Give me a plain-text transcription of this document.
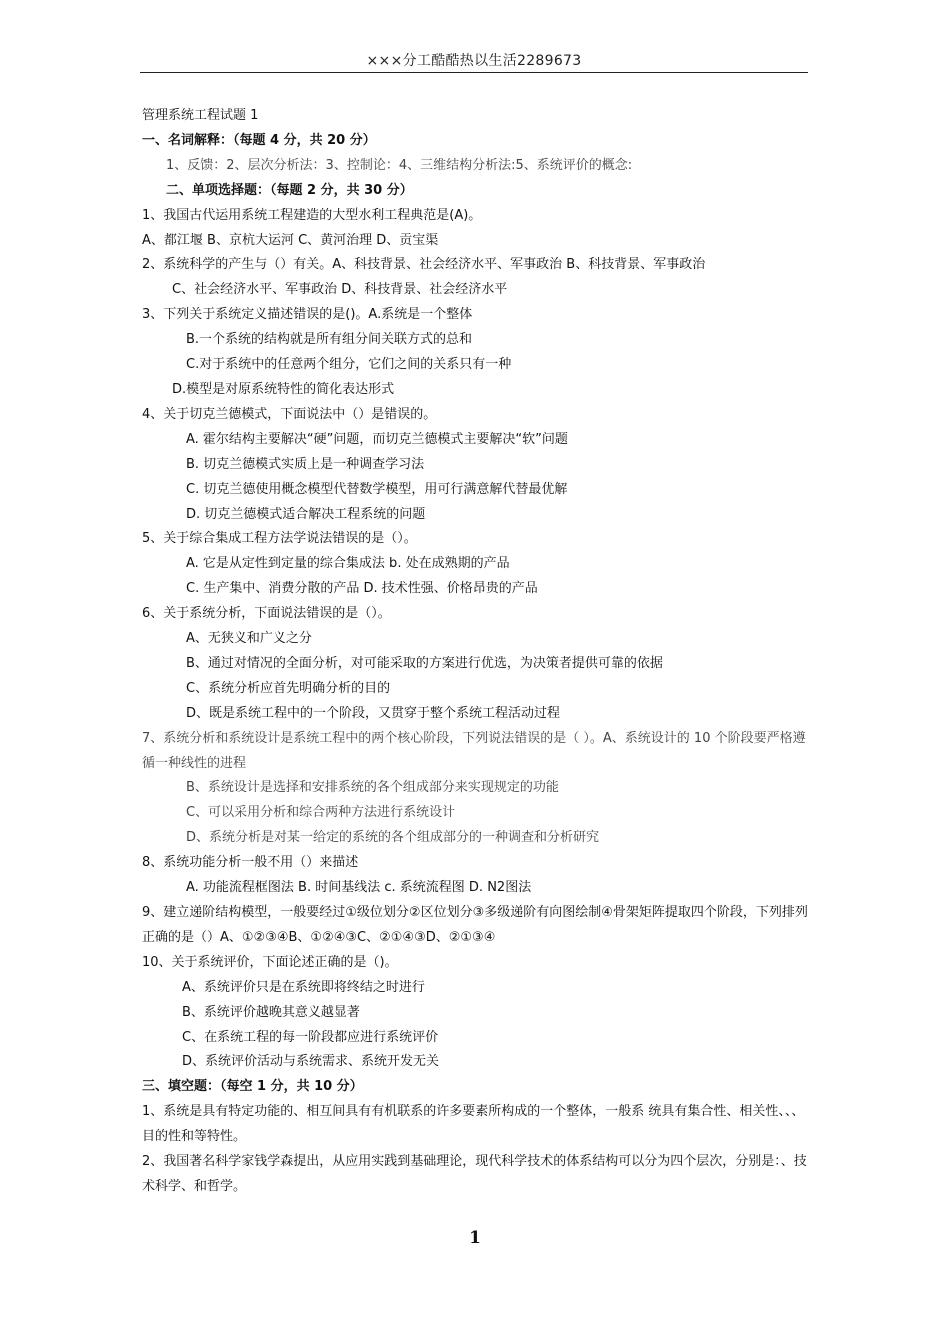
×××分工酷酷热以生活2289673

管理系统工程试题 1

一、名词解释：（每题 4 分，共 20 分）

1、反馈：2、层次分析法：3、控制论：4、三维结构分析法:5、系统评价的概念:

二、单项选择题：（每题 2 分，共 30 分）

1、我国古代运用系统工程建造的大型水利工程典范是(A)。

A、都江堰 B、京杭大运河 C、黄河治理 D、贡宝渠

2、系统科学的产生与（）有关。A、科技背景、社会经济水平、军事政治 B、科技背景、军事政治

C、社会经济水平、军事政治 D、科技背景、社会经济水平

3、下列关于系统定义描述错误的是()。A.系统是一个整体

B.一个系统的结构就是所有组分间关联方式的总和

C.对于系统中的任意两个组分，它们之间的关系只有一种

D.模型是对原系统特性的简化表达形式

4、关于切克兰德模式，下面说法中（）是错误的。

A. 霍尔结构主要解决“硬”问题，而切克兰德模式主要解决“软”问题

B. 切克兰德模式实质上是一种调查学习法

C. 切克兰德使用概念模型代替数学模型，用可行满意解代替最优解

D. 切克兰德模式适合解决工程系统的问题

5、关于综合集成工程方法学说法错误的是（）。

A. 它是从定性到定量的综合集成法 b. 处在成熟期的产品

C. 生产集中、消费分散的产品 D. 技术性强、价格昂贵的产品

6、关于系统分析，下面说法错误的是（）。

A、无狭义和广义之分

B、通过对情况的全面分析，对可能采取的方案进行优选，为决策者提供可靠的依据

C、系统分析应首先明确分析的目的

D、既是系统工程中的一个阶段，又贯穿于整个系统工程活动过程

7、系统分析和系统设计是系统工程中的两个核心阶段，下列说法错误的是（ ）。A、系统设计的 10 个阶段要严格遵循一种线性的进程

B、系统设计是选择和安排系统的各个组成部分来实现规定的功能

C、可以采用分析和综合两种方法进行系统设计

D、系统分析是对某一给定的系统的各个组成部分的一种调查和分析研究

8、系统功能分析一般不用（）来描述

A. 功能流程框图法 B. 时间基线法 c. 系统流程图 D. N2图法

9、建立递阶结构模型，一般要经过①级位划分②区位划分③多级递阶有向图绘制④骨架矩阵提取四个阶段，下列排列正确的是（）A、①②③④B、①②④③C、②①④③D、②①③④

10、关于系统评价，下面论述正确的是（)。

A、系统评价只是在系统即将终结之时进行

B、系统评价越晚其意义越显著

C、在系统工程的每一阶段都应进行系统评价

D、系统评价活动与系统需求、系统开发无关

三、填空题：（每空 1 分，共 10 分）

1、系统是具有特定功能的、相互间具有有机联系的许多要素所构成的一个整体，一般系 统具有集合性、相关性、、、目的性和等特性。

2、我国著名科学家钱学森提出，从应用实践到基础理论，现代科学技术的体系结构可以分为四个层次，分别是：、技术科学、和哲学。

1
